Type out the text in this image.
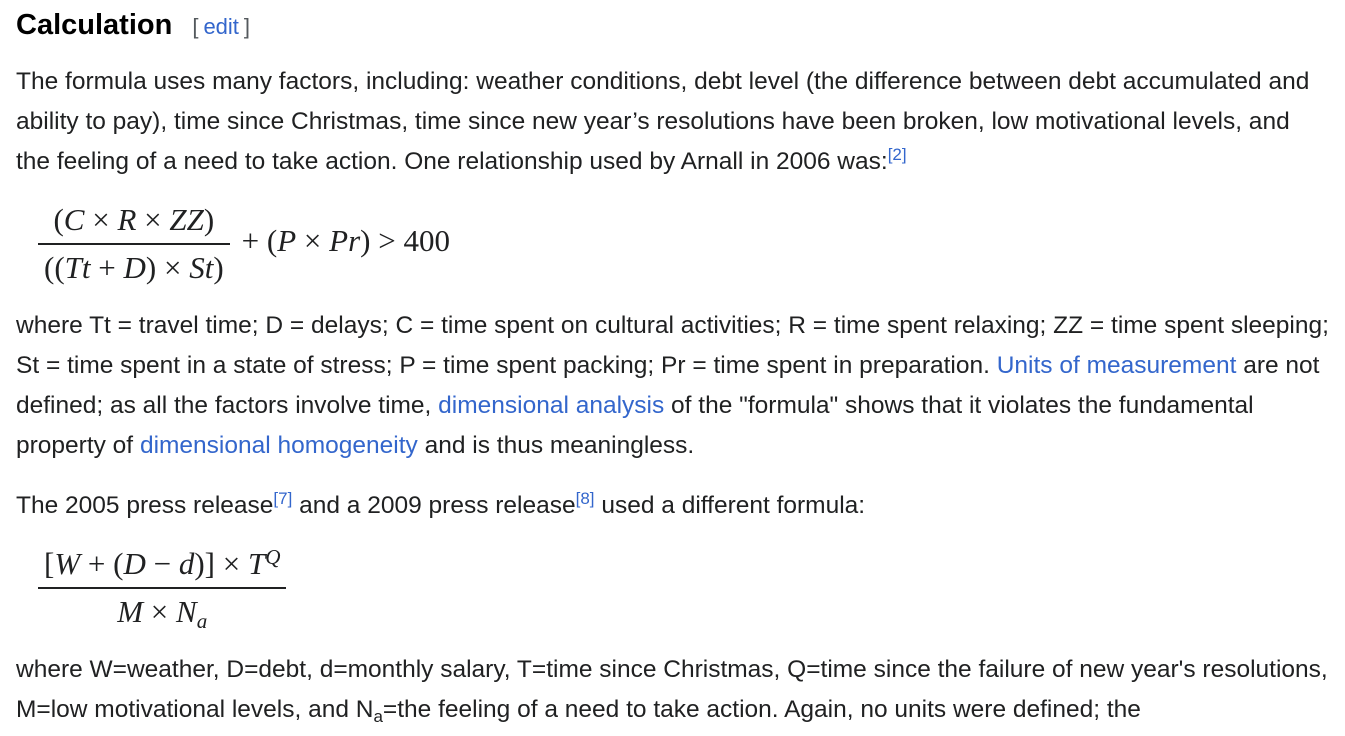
Calculation [ edit ]

The formula uses many factors, including: weather conditions, debt level (the difference between debt accumulated and ability to pay), time since Christmas, time since new year’s resolutions have been broken, low motivational levels, and the feeling of a need to take action. One relationship used by Arnall in 2006 was:[2]

$\frac{(C \times R \times ZZ)}{((Tt + D) \times St)} + (P \times Pr) > 400$

where Tt = travel time; D = delays; C = time spent on cultural activities; R = time spent relaxing; ZZ = time spent sleeping; St = time spent in a state of stress; P = time spent packing; Pr = time spent in preparation. Units of measurement are not defined; as all the factors involve time, dimensional analysis of the "formula" shows that it violates the fundamental property of dimensional homogeneity and is thus meaningless.

The 2005 press release[7] and a 2009 press release[8] used a different formula:

$\frac{[W + (D - d)] \times T^Q}{M \times Na}$

where W=weather, D=debt, d=monthly salary, T=time since Christmas, Q=time since the failure of new year's resolutions, M=low motivational levels, and $N_a=the$ feeling of a need to take action. Again, no units were defined; the
